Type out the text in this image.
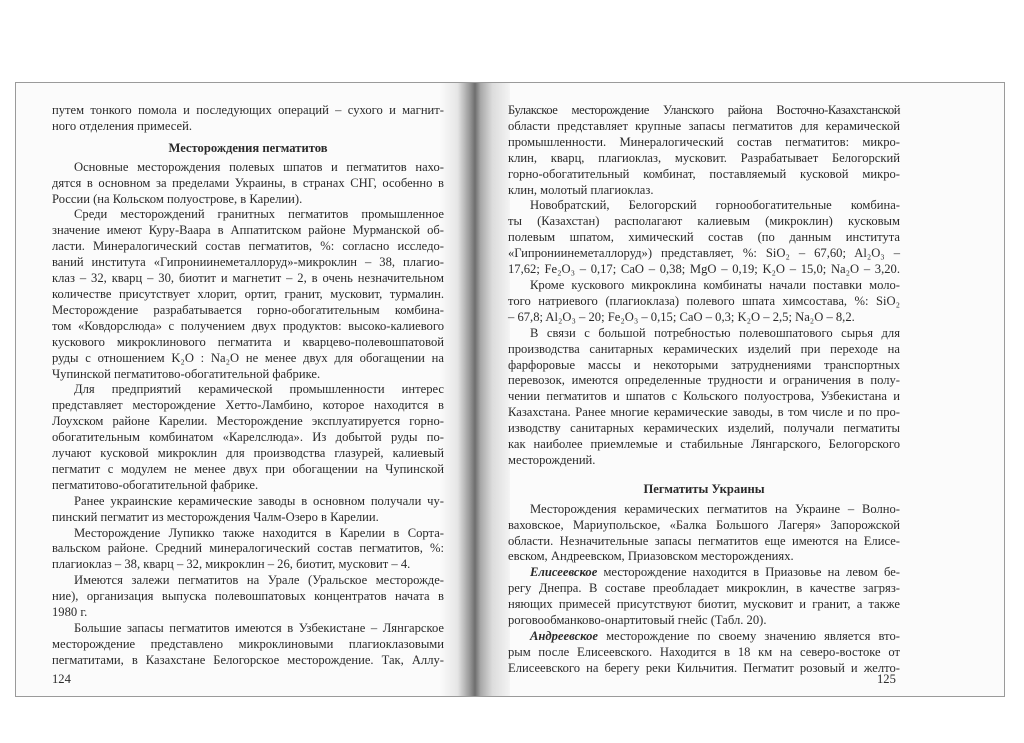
путем тонкого помола и последующих операций – сухого и магнит-
ного отделения примесей.
Месторождения пегматитов
Основные месторождения полевых шпатов и пегматитов нахо-
дятся в основном за пределами Украины, в странах СНГ, особенно в
России (на Кольском полуострове, в Карелии).
Среди месторождений гранитных пегматитов промышленное
значение имеют Куру-Ваара в Аппатитском районе Мурманской об-
ласти. Минералогический состав пегматитов, %: согласно исследо-
ваний института «Гипрониинеметаллоруд»-микроклин – 38, плагио-
клаз – 32, кварц – 30, биотит и магнетит – 2, в очень незначительном
количестве присутствует хлорит, ортит, гранит, мусковит, турмалин.
Месторождение разрабатывается горно-обогатительным комбина-
том «Ковдорслюда» с получением двух продуктов: высоко-калиевого
кускового микроклинового пегматита и кварцево-полевошпатовой
руды с отношением K₂O : Na₂O не менее двух для обогащении на
Чупинской пегматитово-обогатительной фабрике.
Для предприятий керамической промышленности интерес
представляет месторождение Хетто-Ламбино, которое находится в
Лоухском районе Карелии. Месторождение эксплуатируется горно-
обогатительным комбинатом «Карелслюда». Из добытой руды по-
лучают кусковой микроклин для производства глазурей, калиевый
пегматит с модулем не менее двух при обогащении на Чупинской
пегматитово-обогатительной фабрике.
Ранее украинские керамические заводы в основном получали чу-
пинский пегматит из месторождения Чалм-Озеро в Карелии.
Месторождение Лупикко также находится в Карелии в Сорта-
вальском районе. Средний минералогический состав пегматитов, %:
плагиоклаз – 38, кварц – 32, микроклин – 26, биотит, мусковит – 4.
Имеются залежи пегматитов на Урале (Уральское месторожде-
ние), организация выпуска полевошпатовых концентратов начата в
1980 г.
Большие запасы пегматитов имеются в Узбекистане – Лянгарское
месторождение представлено микроклиновыми плагиоклазовыми
пегматитами, в Казахстане Белогорское месторождение. Так, Аллу-
Булакское месторождение Уланского района Восточно-Казахстанской
области представляет крупные запасы пегматитов для керамической
промышленности. Минералогический состав пегматитов: микро-
клин, кварц, плагиоклаз, мусковит. Разрабатывает Белогорский
горно-обогатительный комбинат, поставляемый кусковой микро-
клин, молотый плагиоклаз.
Новобратский, Белогорский горнообогатительные комбина-
ты (Казахстан) располагают калиевым (микроклин) кусковым
полевым шпатом, химический состав (по данным института
«Гипрониинеметаллоруд») представляет, %: SiO₂ – 67,60; Al₂O₃ –
17,62; Fe₂O₃ – 0,17; CaO – 0,38; MgO – 0,19; K₂O – 15,0; Na₂O – 3,20.
Кроме кускового микроклина комбинаты начали поставки моло-
того натриевого (плагиоклаза) полевого шпата химсостава, %: SiO₂
– 67,8; Al₂O₃ – 20; Fe₂O₃ – 0,15; CaO – 0,3; K₂O – 2,5; Na₂O – 8,2.
В связи с большой потребностью полевошпатового сырья для
производства санитарных керамических изделий при переходе на
фарфоровые массы и некоторыми затруднениями транспортных
перевозок, имеются определенные трудности и ограничения в полу-
чении пегматитов и шпатов с Кольского полуострова, Узбекистана и
Казахстана. Ранее многие керамические заводы, в том числе и по про-
изводству санитарных керамических изделий, получали пегматиты
как наиболее приемлемые и стабильные Лянгарского, Белогорского
месторождений.
Пегматиты Украины
Месторождения керамических пегматитов на Украине – Волно-
ваховское, Мариупольское, «Балка Большого Лагеря» Запорожской
области. Незначительные запасы пегматитов еще имеются на Елисе-
евском, Андреевском, Приазовском месторождениях.
Елисеевское месторождение находится в Приазовье на левом бе-
регу Днепра. В составе преобладает микроклин, в качестве загряз-
няющих примесей присутствуют биотит, мусковит и гранит, а также
роговообманково-онартитовый гнейс (Табл. 20).
Андреевское месторождение по своему значению является вто-
рым после Елисеевского. Находится в 18 км на северо-востоке от
Елисеевского на берегу реки Кильчития. Пегматит розовый и желто-
124	125
